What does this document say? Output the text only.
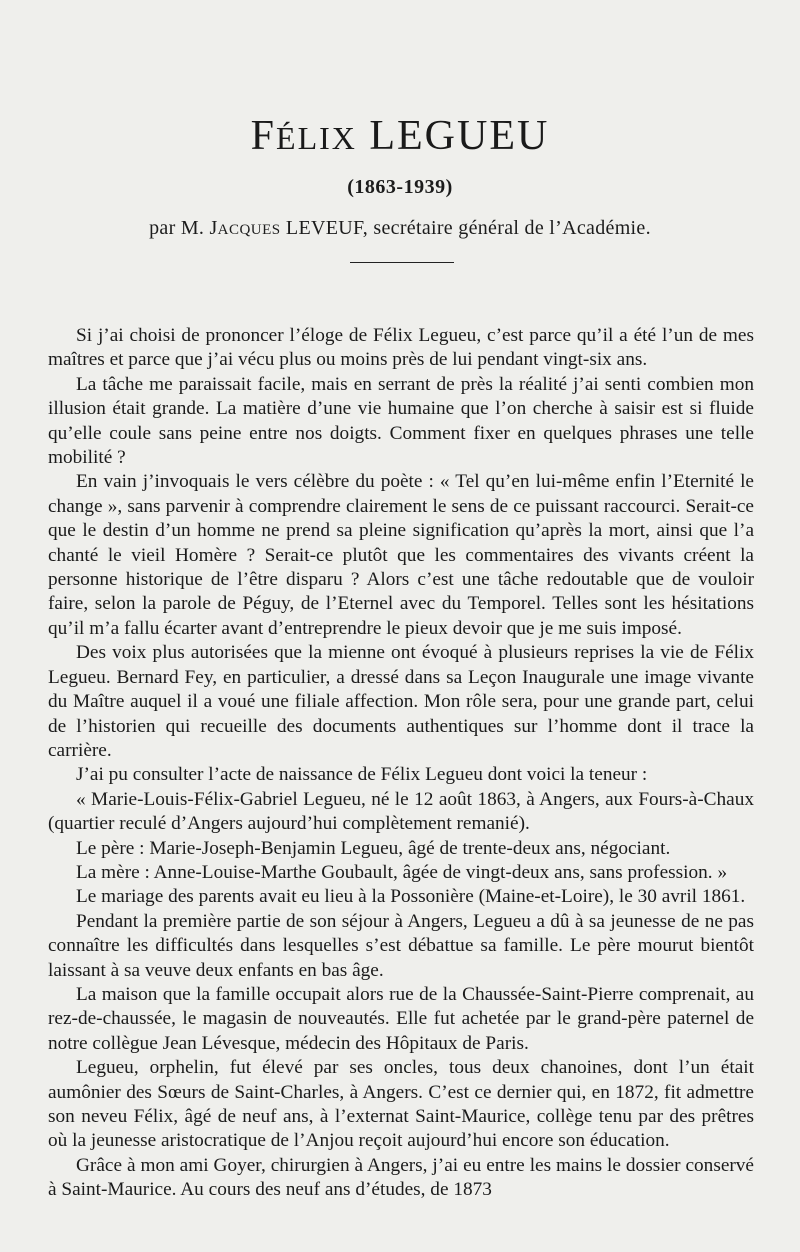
FÉLIX LEGUEU
(1863-1939)
par M. JACQUES LEVEUF, secrétaire général de l’Académie.

Si j’ai choisi de prononcer l’éloge de Félix Legueu, c’est parce qu’il a été l’un de mes maîtres et parce que j’ai vécu plus ou moins près de lui pendant vingt-six ans.

La tâche me paraissait facile, mais en serrant de près la réalité j’ai senti combien mon illusion était grande. La matière d’une vie humaine que l’on cherche à saisir est si fluide qu’elle coule sans peine entre nos doigts. Comment fixer en quelques phrases une telle mobilité ?

En vain j’invoquais le vers célèbre du poète : « Tel qu’en lui-même enfin l’Eternité le change », sans parvenir à comprendre clairement le sens de ce puissant raccourci. Serait-ce que le destin d’un homme ne prend sa pleine signification qu’après la mort, ainsi que l’a chanté le vieil Homère ? Serait-ce plutôt que les commentaires des vivants créent la personne historique de l’être disparu ? Alors c’est une tâche redoutable que de vouloir faire, selon la parole de Péguy, de l’Eternel avec du Temporel. Telles sont les hésitations qu’il m’a fallu écarter avant d’entreprendre le pieux devoir que je me suis imposé.

Des voix plus autorisées que la mienne ont évoqué à plusieurs reprises la vie de Félix Legueu. Bernard Fey, en particulier, a dressé dans sa Leçon Inaugurale une image vivante du Maître auquel il a voué une filiale affection. Mon rôle sera, pour une grande part, celui de l’historien qui recueille des documents authentiques sur l’homme dont il trace la carrière.

J’ai pu consulter l’acte de naissance de Félix Legueu dont voici la teneur :

« Marie-Louis-Félix-Gabriel Legueu, né le 12 août 1863, à Angers, aux Fours-à-Chaux (quartier reculé d’Angers aujourd’hui complètement remanié).

Le père : Marie-Joseph-Benjamin Legueu, âgé de trente-deux ans, négociant.

La mère : Anne-Louise-Marthe Goubault, âgée de vingt-deux ans, sans profession. »

Le mariage des parents avait eu lieu à la Possonière (Maine-et-Loire), le 30 avril 1861.

Pendant la première partie de son séjour à Angers, Legueu a dû à sa jeunesse de ne pas connaître les difficultés dans lesquelles s’est débattue sa famille. Le père mourut bientôt laissant à sa veuve deux enfants en bas âge.

La maison que la famille occupait alors rue de la Chaussée-Saint-Pierre comprenait, au rez-de-chaussée, le magasin de nouveautés. Elle fut achetée par le grand-père paternel de notre collègue Jean Lévesque, médecin des Hôpitaux de Paris.

Legueu, orphelin, fut élevé par ses oncles, tous deux chanoines, dont l’un était aumônier des Sœurs de Saint-Charles, à Angers. C’est ce dernier qui, en 1872, fit admettre son neveu Félix, âgé de neuf ans, à l’externat Saint-Maurice, collège tenu par des prêtres où la jeunesse aristocratique de l’Anjou reçoit aujourd’hui encore son éducation.

Grâce à mon ami Goyer, chirurgien à Angers, j’ai eu entre les mains le dossier conservé à Saint-Maurice. Au cours des neuf ans d’études, de 1873
